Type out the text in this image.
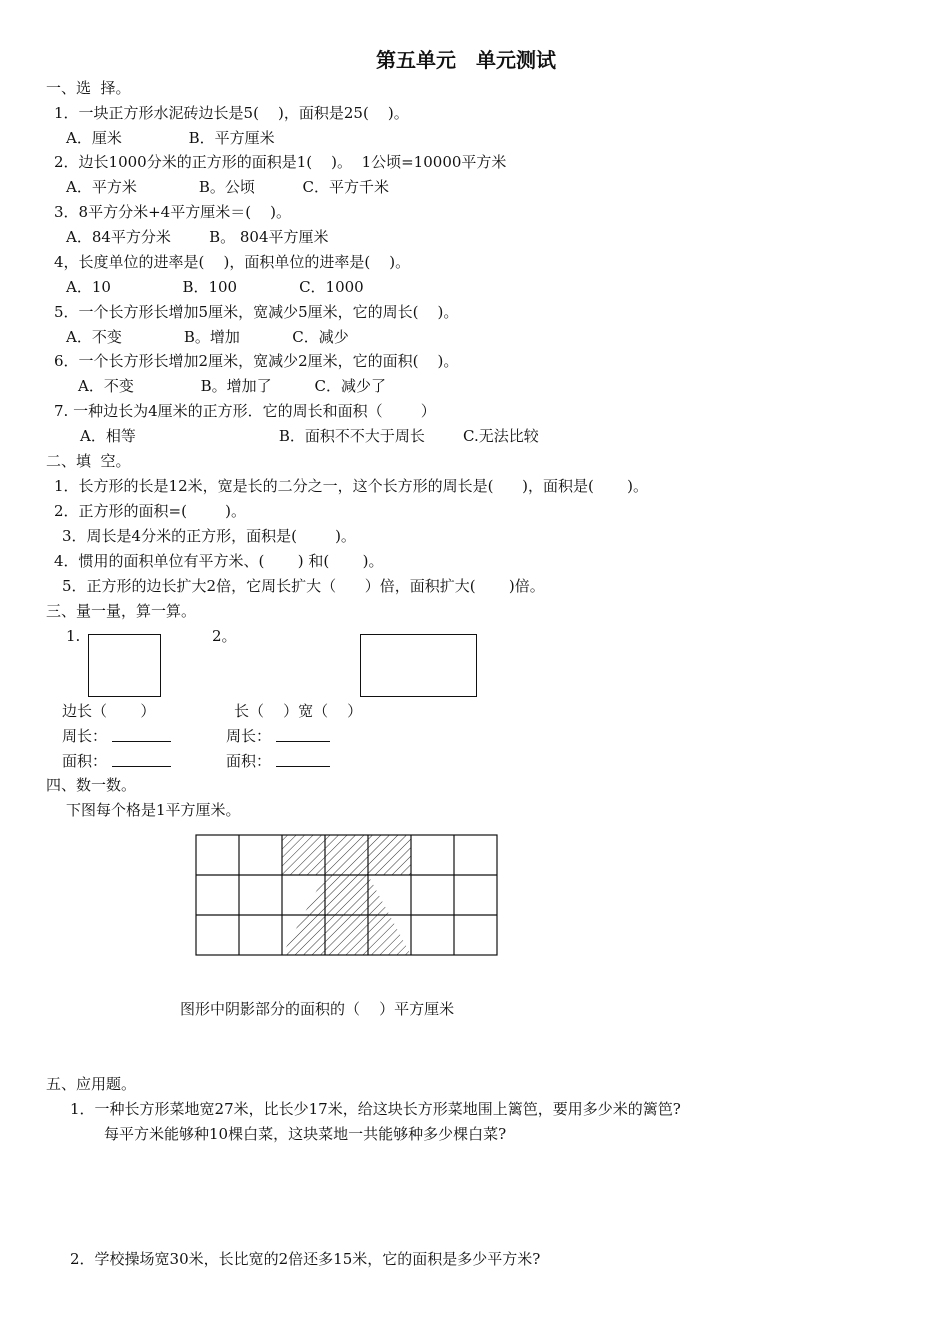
第五单元　单元测试
一、选  择。
1．一块正方形水泥砖边长是5(    )，面积是25(    )。
A．厘米              B．平方厘米
2．边长1000分米的正方形的面积是1(    )。  1公顷=10000平方米
A．平方米             B。公顷          C．平方千米
3．8平方分米+4平方厘米＝(    )。
A．84平方分米        B。 804平方厘米
4，长度单位的进率是(    )，面积单位的进率是(    )。
A．10               B．100             C．1000
5．一个长方形长增加5厘米，宽减少5厘米，它的周长(    )。
A．不变             B。增加           C．减少
6．一个长方形长增加2厘米，宽减少2厘米，它的面积(    )。
A．不变              B。增加了         C．减少了
7. 一种边长为4厘米的正方形．它的周长和面积（        ）
A．相等                              B．面积不不大于周长        C.无法比较
二、填  空。
1．长方形的长是12米，宽是长的二分之一，这个长方形的周长是(      )，面积是(       )。
2．正方形的面积=(        )。
3．周长是4分米的正方形，面积是(        )。
4．惯用的面积单位有平方米、(       ) 和(       )。
5．正方形的边长扩大2倍，它周长扩大（      ）倍，面积扩大(       )倍。
三、量一量，算一算。
1.	2。
边长（       ）
周长：
面积：
长（    ）宽（    ）
周长：
面积：
四、数一数。
下图每个格是1平方厘米。
图形中阴影部分的面积的（    ）平方厘米
五、应用题。
1．一种长方形菜地宽27米，比长少17米，给这块长方形菜地围上篱笆，要用多少米的篱笆?
每平方米能够种10棵白菜，这块菜地一共能够种多少棵白菜?
2．学校操场宽30米，长比宽的2倍还多15米，它的面积是多少平方米?
